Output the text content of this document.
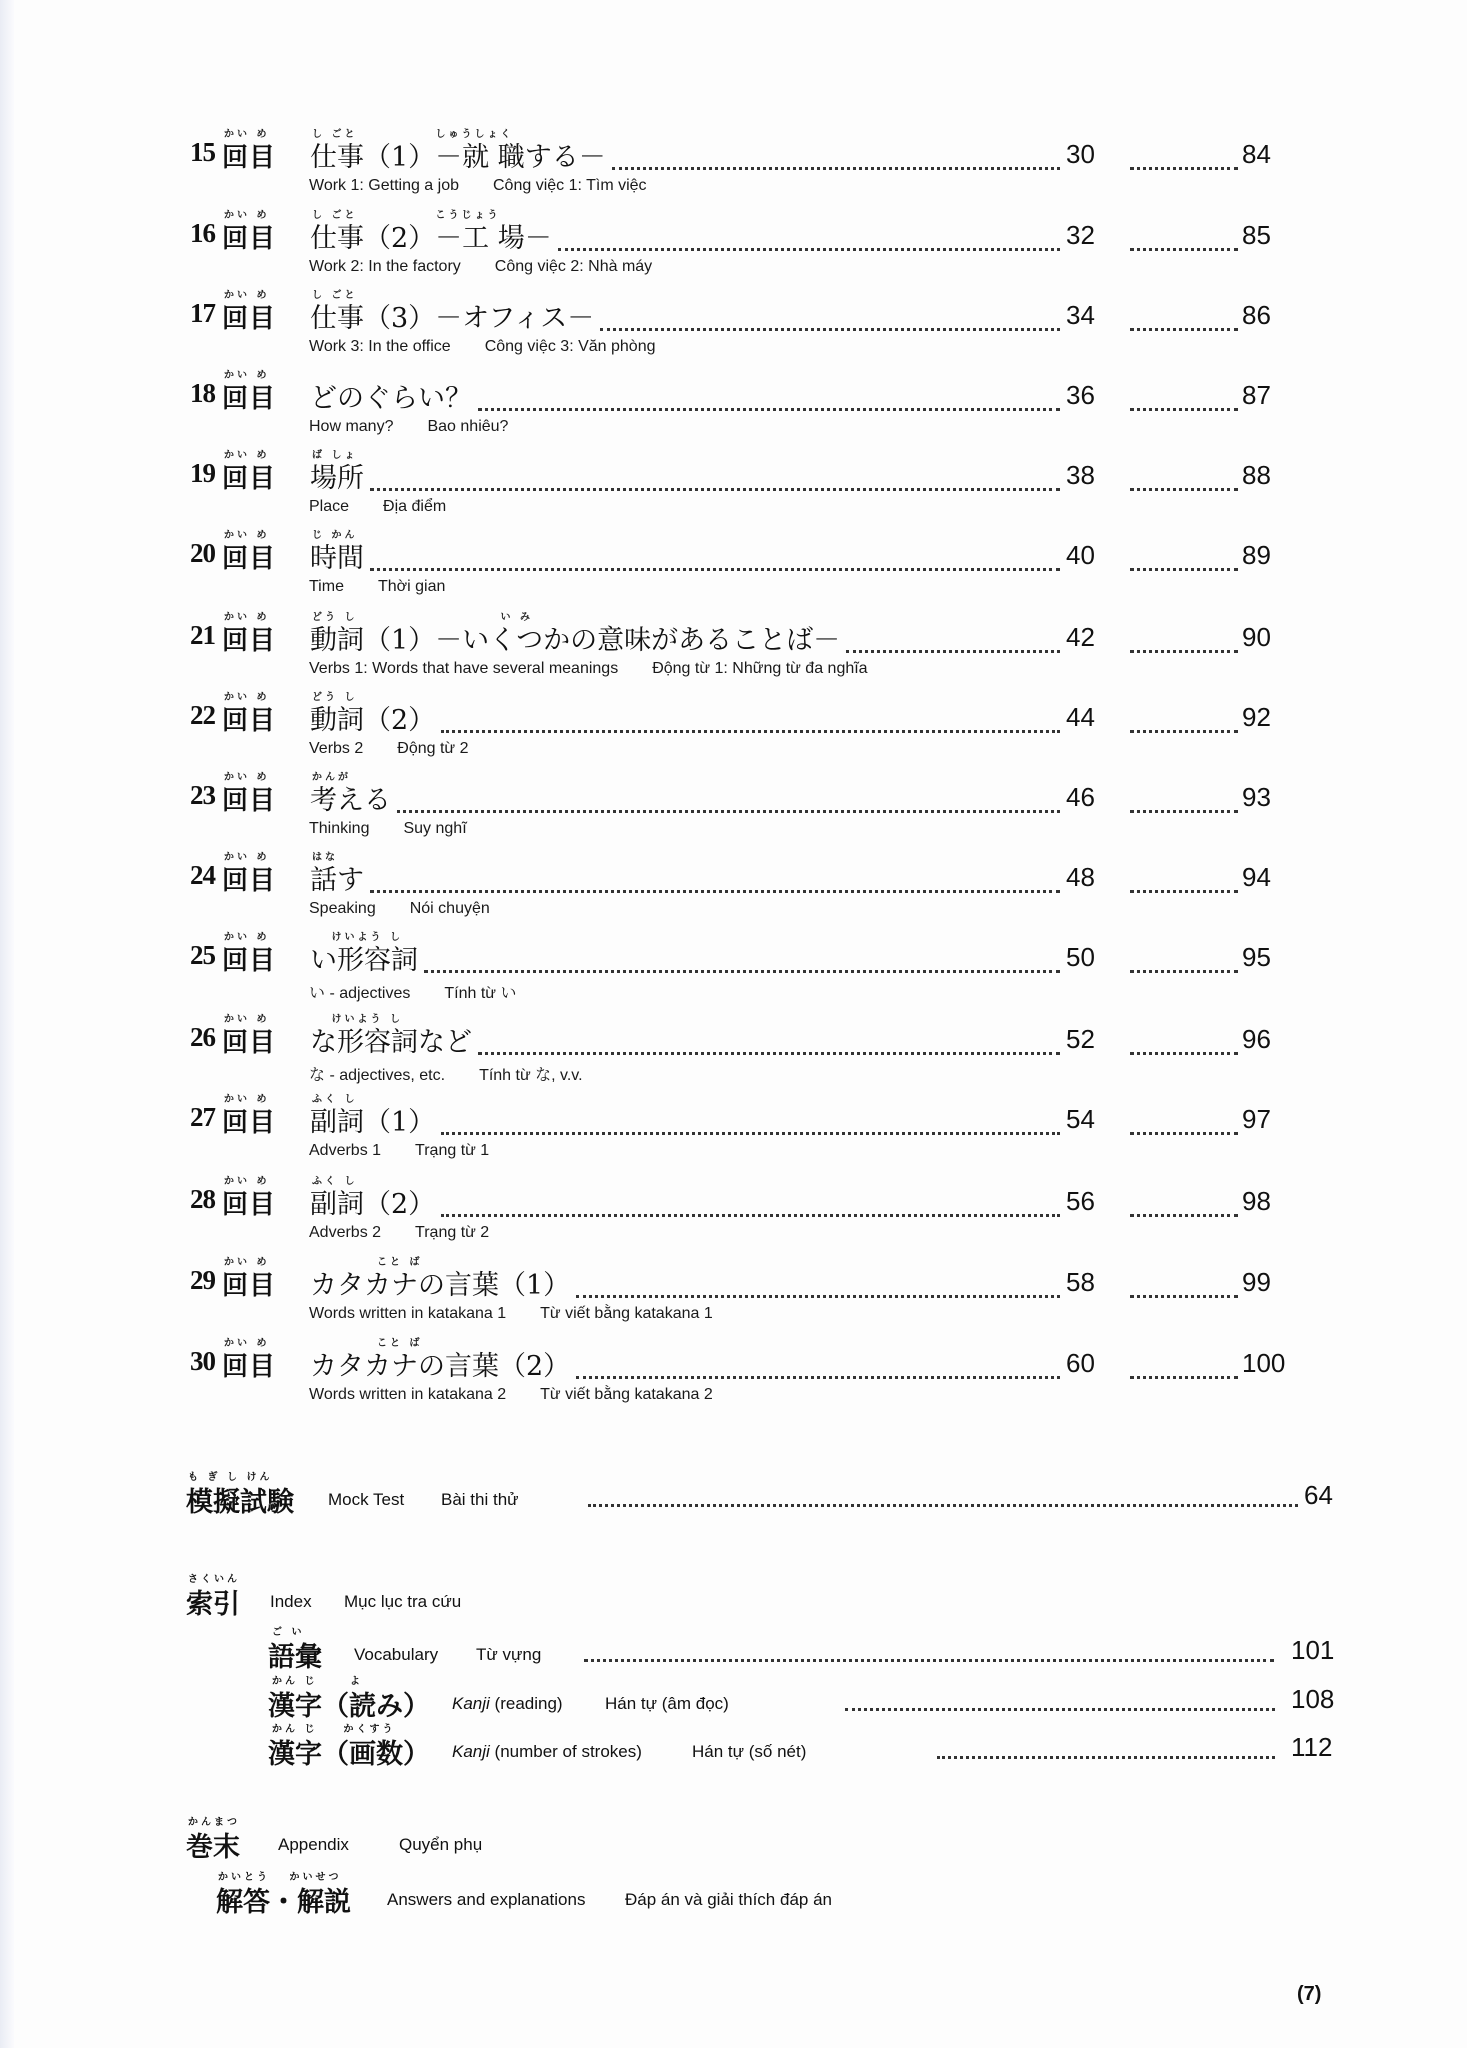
かい め	し ごと　　　　　　しゅうしょく
15 回目 仕事（1）－就 職する－	30	84
Work 1: Getting a job Công việc 1: Tìm việc
かい め	し ごと　　　　　　こうじょう
16 回目 仕事（2）－工 場－	32	85
Work 2: In the factory Công việc 2: Nhà máy
かい め	し ごと
17 回目 仕事（3）－オフィス－	34	86
Work 3: In the office Công việc 3: Văn phòng
かい め
18 回目 どのぐらい？	36	87
How many? Bao nhiêu?
かい め	ば しょ
19 回目 場所	38	88
Place Địa điểm
かい め	じ かん
20 回目 時間	40	89
Time Thời gian
かい め	どう し　　　　　　　　　　　い み
21 回目 動詞（1）－いくつかの意味があることば－	42	90
Verbs 1: Words that have several meanings Động từ 1: Những từ đa nghĩa
かい め	どう し
22 回目 動詞（2）	44	92
Verbs 2 Động từ 2
かい め	かんが
23 回目 考える	46	93
Thinking Suy nghĩ
かい め	はな
24 回目 話す	48	94
Speaking Nói chuyện
かい め	　 けいよう し
25 回目 い形容詞	50	95
い - adjectives Tính từ い
かい め	　 けいよう し
26 回目 な形容詞など	52	96
な - adjectives, etc. Tính từ な, v.v.
かい め	ふく し
27 回目 副詞（1）	54	97
Adverbs 1 Trạng từ 1
かい め	ふく し
28 回目 副詞（2）	56	98
Adverbs 2 Trạng từ 2
かい め	　　　　　こと ば
29 回目 カタカナの言葉（1）	58	99
Words written in katakana 1 Từ viết bằng katakana 1
かい め	　　　　　こと ば
30 回目 カタカナの言葉（2）	60	100
Words written in katakana 2 Từ viết bằng katakana 2
も ぎ し けん
模擬試験 Mock Test Bài thi thử	64
さくいん
索引 Index Mục lục tra cứu
ご い
語彙 Vocabulary Từ vựng	101
かん じ　　 よ
漢字（読み） Kanji (reading) Hán tự (âm đọc)	108
かん じ　　かくすう
漢字（画数） Kanji (number of strokes)	Hán tự (số nét)	112
かんまつ
巻末 Appendix	Quyển phụ
かいとう　 かいせつ
解答・解説 Answers and explanations Đáp án và giải thích đáp án
(7)
